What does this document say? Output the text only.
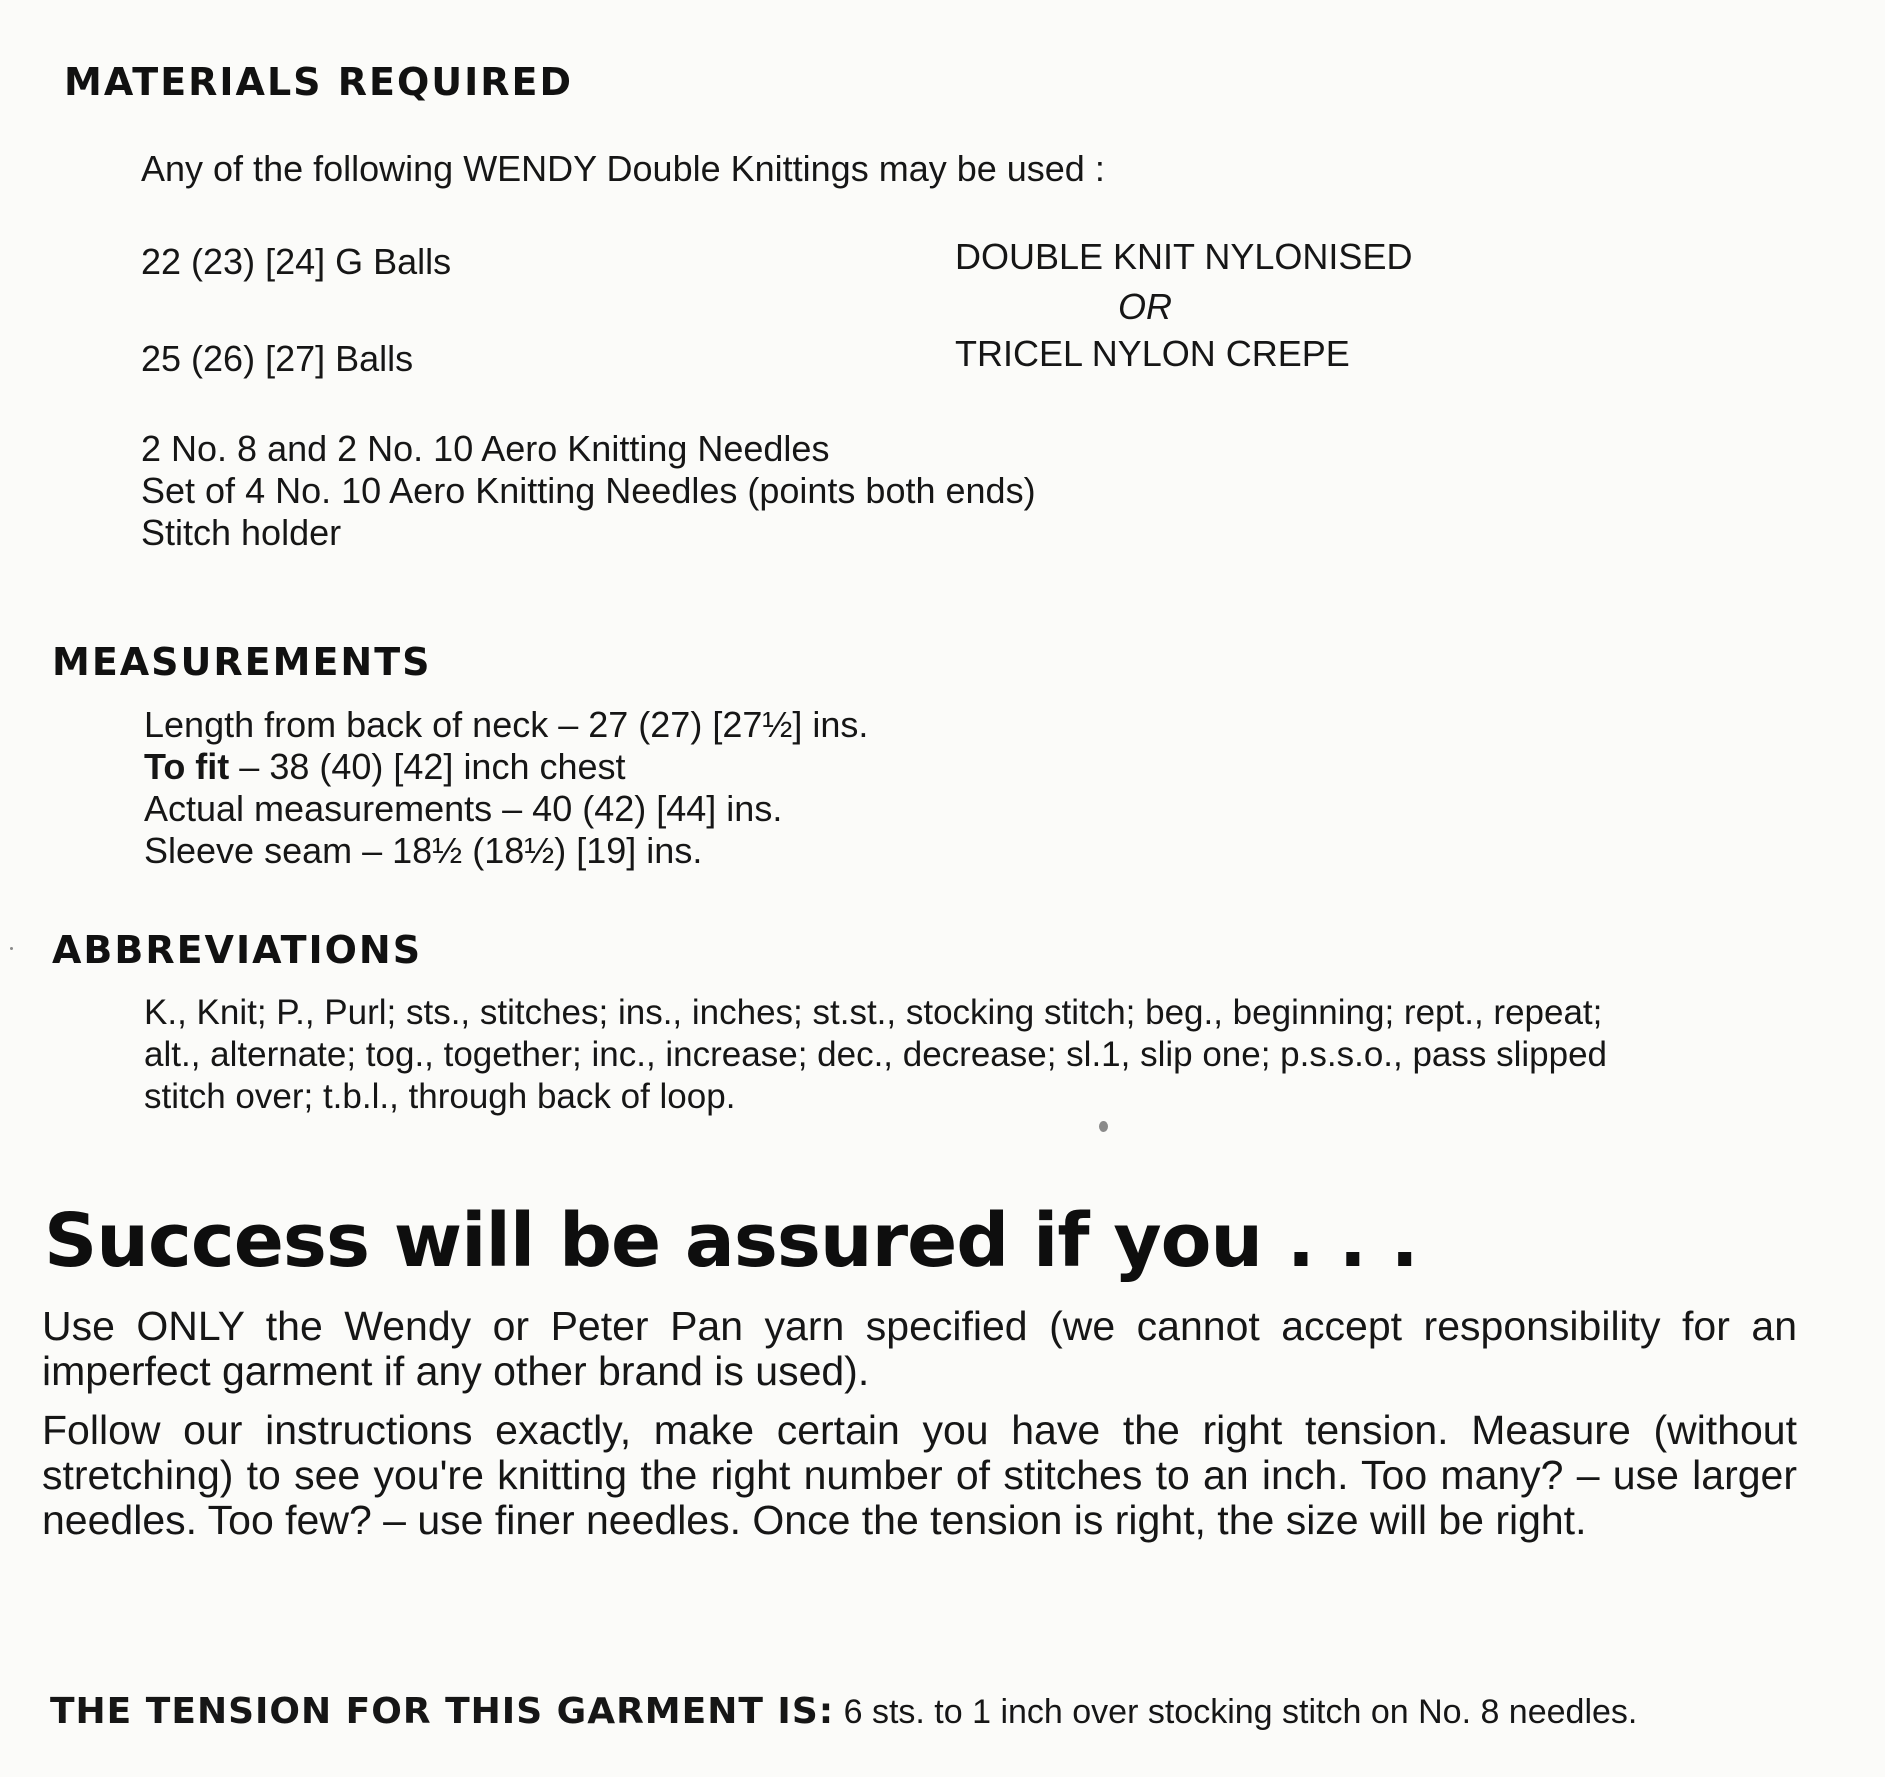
MATERIALS REQUIRED
Any of the following WENDY Double Knittings may be used :
22 (23) [24] G Balls	DOUBLE KNIT NYLONISED
OR
25 (26) [27] Balls	TRICEL NYLON CREPE
2 No. 8 and 2 No. 10 Aero Knitting Needles
Set of 4 No. 10 Aero Knitting Needles (points both ends)
Stitch holder
MEASUREMENTS
Length from back of neck – 27 (27) [27½] ins.
To fit – 38 (40) [42] inch chest
Actual measurements – 40 (42) [44] ins.
Sleeve seam – 18½ (18½) [19] ins.
ABBREVIATIONS
K., Knit; P., Purl; sts., stitches; ins., inches; st.st., stocking stitch; beg., beginning; rept., repeat;
alt., alternate; tog., together; inc., increase; dec., decrease; sl.1, slip one; p.s.s.o., pass slipped
stitch over; t.b.l., through back of loop.
Success will be assured if you . . .
Use ONLY the Wendy or Peter Pan yarn specified (we cannot accept responsibility for an imperfect garment if any other brand is used).
Follow our instructions exactly, make certain you have the right tension. Measure (without stretching) to see you're knitting the right number of stitches to an inch. Too many? – use larger needles. Too few? – use finer needles. Once the tension is right, the size will be right.
THE TENSION FOR THIS GARMENT IS: 6 sts. to 1 inch over stocking stitch on No. 8 needles.
